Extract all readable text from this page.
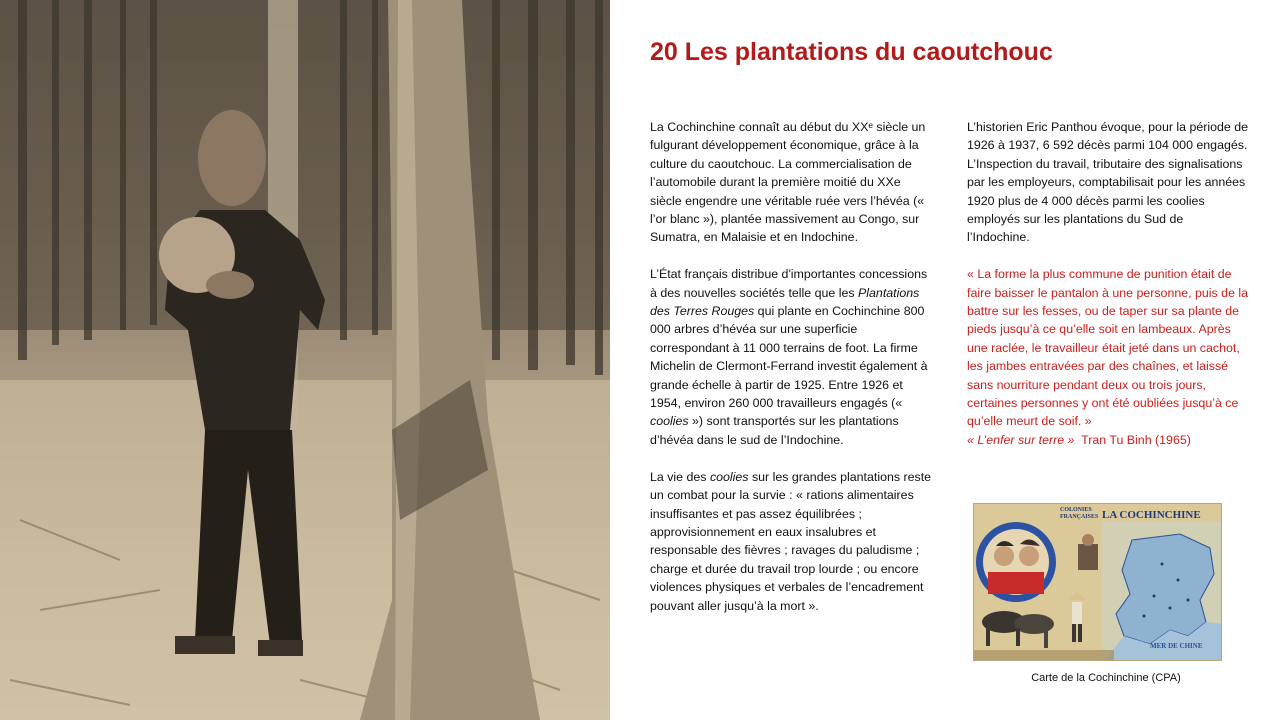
20 Les plantations du caoutchouc

La Cochinchine connaît au début du XXᵉ siècle un fulgurant développement économique, grâce à la culture du caoutchouc. La commercialisation de l’automobile durant la première moitié du XXe siècle engendre une véritable ruée vers l’hévéa (« l’or blanc »), plantée massivement au Congo, sur Sumatra, en Malaisie et en Indochine.

L’État français distribue d'importantes concessions à des nouvelles sociétés telle que les Plantations des Terres Rouges qui plante en Cochinchine 800 000 arbres d’hévéa sur une superficie correspondant à 11 000 terrains de foot. La firme Michelin de Clermont-Ferrand investit également à grande échelle à partir de 1925. Entre 1926 et 1954, environ 260 000 travailleurs engagés (« coolies ») sont transportés sur les plantations d’hévéa dans le sud de l’Indochine.

La vie des coolies sur les grandes plantations reste un combat pour la survie : « rations alimentaires insuffisantes et pas assez équilibrées ; approvisionnement en eaux insalubres et responsable des fièvres ; ravages du paludisme ; charge et durée du travail trop lourde ; ou encore violences physiques et verbales de l’encadrement pouvant aller jusqu’à la mort ».

L’historien Eric Panthou évoque, pour la période de 1926 à 1937, 6 592 décès parmi 104 000 engagés. L’Inspection du travail, tributaire des signalisations par les employeurs, comptabilisait pour les années 1920 plus de 4 000 décès parmi les coolies employés sur les plantations du Sud de l’Indochine.

« La forme la plus commune de punition était de faire baisser le pantalon à une personne, puis de la battre sur les fesses, ou de taper sur sa plante de pieds jusqu’à ce qu’elle soit en lambeaux. Après une raclée, le travailleur était jeté dans un cachot, les jambes entravées par des chaînes, et laissé sans nourriture pendant deux ou trois jours, certaines personnes y ont été oubliées jusqu’à ce qu’elle meurt de soif. »
« L’enfer sur terre »  Tran Tu Binh (1965)

COLONIES FRANÇAISES LA COCHINCHINE
MER DE CHINE
Carte de la Cochinchine (CPA)
